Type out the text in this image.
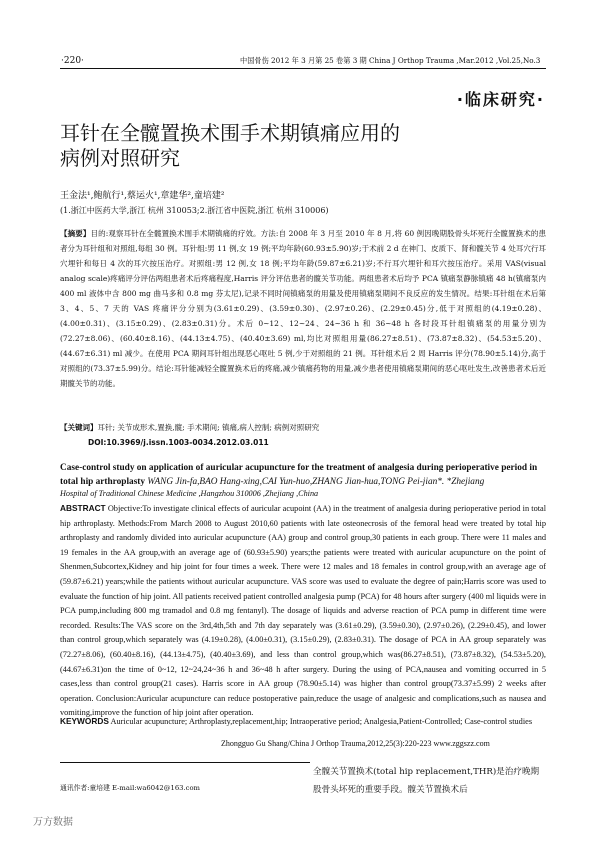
·220·	中国骨伤 2012 年 3 月第 25 卷第 3 期 China J Orthop Trauma ,Mar.2012 ,Vol.25,No.3
·临床研究·
耳针在全髋置换术围手术期镇痛应用的
病例对照研究
王金法¹,鲍航行¹,蔡运火¹,章建华²,童培建²
(1.浙江中医药大学,浙江 杭州 310053;2.浙江省中医院,浙江 杭州 310006)
【摘要】目的:观察耳针在全髋置换术围手术期镇痛的疗效。方法:自 2008 年 3 月至 2010 年 8 月,将 60 例因晚期股骨头坏死行全髋置换术的患者分为耳针组和对照组,每组 30 例。耳针组:男 11 例,女 19 例;平均年龄(60.93±5.90)岁;于术前 2 d 在神门、皮质下、肾和髋关节 4 处耳穴行耳穴埋针和每日 4 次的耳穴按压治疗。对照组:男 12 例,女 18 例;平均年龄(59.87±6.21)岁;不行耳穴埋针和耳穴按压治疗。采用 VAS(visual analog scale)疼痛评分评估两组患者术后疼痛程度,Harris 评分评估患者的髋关节功能。两组患者术后均予 PCA 镇痛泵静脉镇痛 48 h(镇痛泵内 400 ml 液体中含 800 mg 曲马多和 0.8 mg 芬太尼),记录不同时间镇痛泵的用量及使用镇痛泵期间不良反应的发生情况。结果:耳针组在术后第 3、4、5、7 天的 VAS 疼痛评分分别为(3.61±0.29)、(3.59±0.30)、(2.97±0.26)、(2.29±0.45)分,低于对照组的(4.19±0.28)、(4.00±0.31)、(3.15±0.29)、(2.83±0.31)分。术后 0~12、12~24、24~36 h 和 36~48 h 各时段耳针组镇痛泵的用量分别为(72.27±8.06)、(60.40±8.16)、(44.13±4.75)、(40.40±3.69) ml,均比对照组用量(86.27±8.51)、(73.87±8.32)、(54.53±5.20)、(44.67±6.31) ml 减少。在使用 PCA 期间耳针组出现恶心呕吐 5 例,少于对照组的 21 例。耳针组术后 2 周 Harris 评分(78.90±5.14)分,高于对照组的(73.37±5.99)分。结论:耳针能减轻全髋置换术后的疼痛,减少镇痛药物的用量,减少患者使用镇痛泵期间的恶心呕吐发生,改善患者术后近期髋关节的功能。
【关键词】耳针; 关节成形术,置换,髋; 手术期间; 镇痛,病人控制; 病例对照研究
DOI:10.3969/j.issn.1003-0034.2012.03.011
Case-control study on application of auricular acupuncture for the treatment of analgesia during perioperative period in total hip arthroplasty WANG Jin-fa,BAO Hang-xing,CAI Yun-huo,ZHANG Jian-hua,TONG Pei-jian*. *Zhejiang
Hospital of Traditional Chinese Medicine ,Hangzhou 310006 ,Zhejiang ,China
ABSTRACT Objective:To investigate clinical effects of auricular acupoint (AA) in the treatment of analgesia during perioperative period in total hip arthroplasty. Methods:From March 2008 to August 2010,60 patients with late osteonecrosis of the femoral head were treated by total hip arthroplasty and randomly divided into auricular acupuncture (AA) group and control group,30 patients in each group. There were 11 males and 19 females in the AA group,with an average age of (60.93±5.90) years;the patients were treated with auricular acupuncture on the point of Shenmen,Subcortex,Kidney and hip joint for four times a week. There were 12 males and 18 females in control group,with an average age of (59.87±6.21) years;while the patients without auricular acupuncture. VAS score was used to evaluate the degree of pain;Harris score was used to evaluate the function of hip joint. All patients received patient controlled analgesia pump (PCA) for 48 hours after surgery (400 ml liquids were in PCA pump,including 800 mg tramadol and 0.8 mg fentanyl). The dosage of liquids and adverse reaction of PCA pump in different time were recorded. Results:The VAS score on the 3rd,4th,5th and 7th day separately was (3.61±0.29), (3.59±0.30), (2.97±0.26), (2.29±0.45), and lower than control group,which separately was (4.19±0.28), (4.00±0.31), (3.15±0.29), (2.83±0.31). The dosage of PCA in AA group separately was (72.27±8.06), (60.40±8.16), (44.13±4.75), (40.40±3.69), and less than control group,which was(86.27±8.51), (73.87±8.32), (54.53±5.20), (44.67±6.31)on the time of 0~12, 12~24,24~36 h and 36~48 h after surgery. During the using of PCA,nausea and vomiting occurred in 5 cases,less than control group(21 cases). Harris score in AA group (78.90±5.14) was higher than control group(73.37±5.99) 2 weeks after operation. Conclusion:Auricular acupuncture can reduce postoperative pain,reduce the usage of analgesic and complications,such as nausea and vomiting,improve the function of hip joint after operation.
KEYWORDS Auricular acupuncture; Arthroplasty,replacement,hip; Intraoperative period; Analgesia,Patient-Controlled; Case-control studies
Zhongguo Gu Shang/China J Orthop Trauma,2012,25(3):220-223 www.zggszz.com
全髋关节置换术(total hip replacement,THR)是治疗晚期股骨头坏死的重要手段。髋关节置换术后
通讯作者:童培建 E-mail:wa6042@163.com
万方数据
